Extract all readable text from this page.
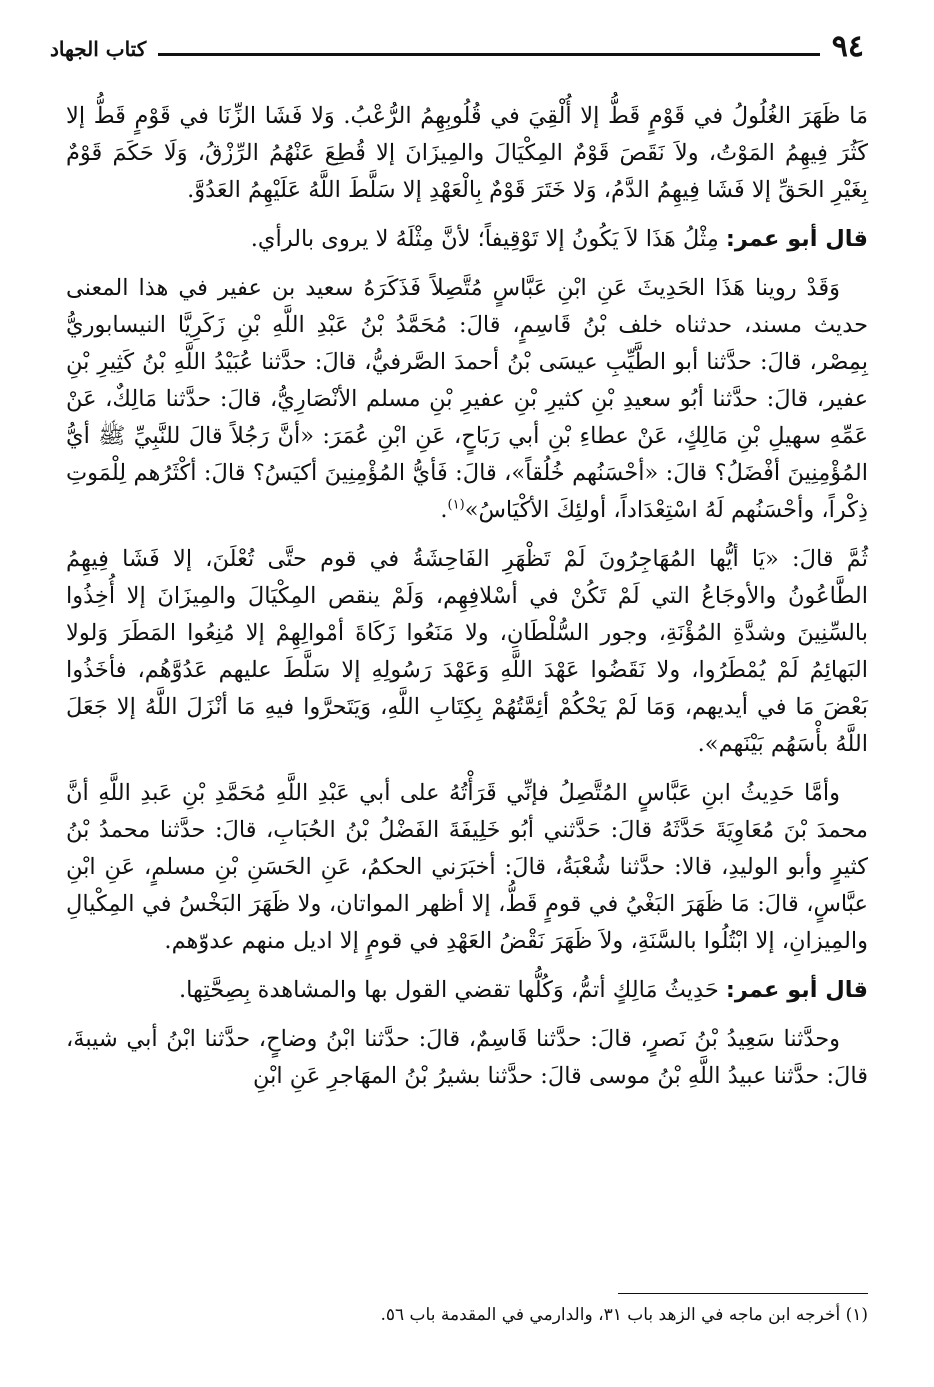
٩٤
كتاب الجهاد

مَا ظَهَرَ الغُلُولُ في قَوْمٍ قَطُّ إلا أُلْقِيَ في قُلُوبِهِمُ الرُّعْبُ. وَلا فَشَا الزِّنَا في قَوْمٍ قَطُّ إلا كَثُرَ فِيهِمُ المَوْتُ، ولاَ نَقَصَ قَوْمٌ المِكْيَالَ والمِيزَانَ إلا قُطِعَ عَنْهُمُ الرِّزْقُ، وَلَا حَكَمَ قَوْمٌ بِغَيْرِ الحَقِّ إلا فَشَا فِيهِمُ الدَّمُ، وَلا خَتَرَ قَوْمٌ بِالْعَهْدِ إلا سَلَّطَ اللَّهُ عَلَيْهِمُ العَدُوَّ.

قال أبو عمر: مِثْلُ هَذَا لاَ يَكُونُ إلا تَوْقِيفاً؛ لأنَّ مِثْلَهُ لا يروى بالرأي.

وَقَدْ روينا هَذَا الحَدِيثَ عَنِ ابْنِ عَبَّاسٍ مُتَّصِلاً فَذَكَرَهُ سعيد بن عفير في هذا المعنى حديث مسند، حدثناه خلف بْنُ قَاسِمٍ، قالَ: مُحَمَّدُ بْنُ عَبْدِ اللَّهِ بْنِ زَكَرِيَّا النيسابوريُّ بِمِصْر، قالَ: حدَّثنا أبو الطَّيِّبِ عيسَى بْنُ أحمدَ الصَّرفيُّ، قالَ: حدَّثنا عُبَيْدُ اللَّهِ بْنُ كَثِيرِ بْنِ عفير، قالَ: حدَّثنا أبُو سعيدِ بْنِ كثيرِ بْنِ عفيرِ بْنِ مسلم الأنْصَارِيُّ، قالَ: حدَّثنا مَالِكٌ، عَنْ عَمِّهِ سهيلِ بْنِ مَالِكٍ، عَنْ عطاءِ بْنِ أبي رَبَاحٍ، عَنِ ابْنِ عُمَرَ: «أنَّ رَجُلاً قالَ للنَّبِيِّ ﷺ أيُّ المُؤْمِنِينَ أفْضَلُ؟ قالَ: «أحْسَنُهم خُلُقاً»، قالَ: فَأيُّ المُؤْمِنِينَ أكيَسُ؟ قالَ: أكْثَرُهم لِلْمَوتِ ذِكْراً، وأحْسَنُهم لَهُ اسْتِعْدَاداً، أولئِكَ الأكْيَاسُ»$^{(١)}$.

ثُمَّ قالَ: «يَا أيُّها المُهَاجِرُونَ لَمْ تَظْهَرِ الفَاحِشَةُ في قوم حتَّى تُعْلَنَ، إلا فَشَا فِيهِمُ الطَّاعُونُ والأوجَاعُ التي لَمْ تَكُنْ في أسْلافِهِم، وَلَمْ ينقص المِكْيَالَ والمِيزَانَ إلا أُخِذُوا بالسِّنِينَ وشدَّةِ المُؤْنَةِ، وجور السُّلْطَانِ، ولا مَنَعُوا زَكَاةَ أمْوالِهِمْ إلا مُنِعُوا المَطَرَ وَلولا البَهائِمُ لَمْ يُمْطَرُوا، ولا نَقَضُوا عَهْدَ اللَّهِ وَعَهْدَ رَسُولِهِ إلا سَلَّطَ عليهم عَدُوَّهُم، فأخَذُوا بَعْضَ مَا في أيديهم، وَمَا لَمْ يَحْكُمْ أئِمَّتُهُمْ بِكِتَابِ اللَّهِ، وَيَتَحرَّوا فيهِ مَا أنْزَلَ اللَّهُ إلا جَعَلَ اللَّهُ بأْسَهُم بَيْنَهم».

وأمَّا حَدِيثُ ابنِ عَبَّاسٍ المُتَّصِلُ فإنِّي قَرَأْتُهُ على أبي عَبْدِ اللَّهِ مُحَمَّدِ بْنِ عَبدِ اللَّهِ أنَّ محمدَ بْنَ مُعَاوِيَةَ حَدَّثَهُ قالَ: حَدَّثني أبُو خَلِيفَةَ الفَضْلُ بْنُ الحُبَابِ، قالَ: حدَّثنا محمدُ بْنُ كثيرٍ وأبو الوليدِ، قالا: حدَّثنا شُعْبَةُ، قالَ: أخبَرَني الحكمُ، عَنِ الحَسَنِ بْنِ مسلمٍ، عَنِ ابْنِ عبَّاسٍ، قالَ: مَا ظَهَرَ البَغْيُ في قومٍ قَطُّ، إلا أظهر المواتان، ولا ظَهَرَ البَخْسُ في المِكْيالِ والمِيزانِ، إلا ابْتُلُوا بالسَّنَةِ، ولاَ ظَهَرَ نَقْضُ العَهْدِ في قومٍ إلا اديل منهم عدوّهم.

قال أبو عمر: حَدِيثُ مَالِكٍ أتمُّ، وَكُلُّها تقضي القول بها والمشاهدة بِصِحَّتِها.

وحدَّثنا سَعِيدُ بْنُ نَصرٍ، قالَ: حدَّثنا قَاسِمٌ، قالَ: حدَّثنا ابْنُ وضاحٍ، حدَّثنا ابْنُ أبي شيبةَ، قالَ: حدَّثنا عبيدُ اللَّهِ بْنُ موسى قالَ: حدَّثنا بشيرُ بْنُ المهَاجرِ عَنِ ابْنِ

(١) أخرجه ابن ماجه في الزهد باب ٣١، والدارمي في المقدمة باب ٥٦.
